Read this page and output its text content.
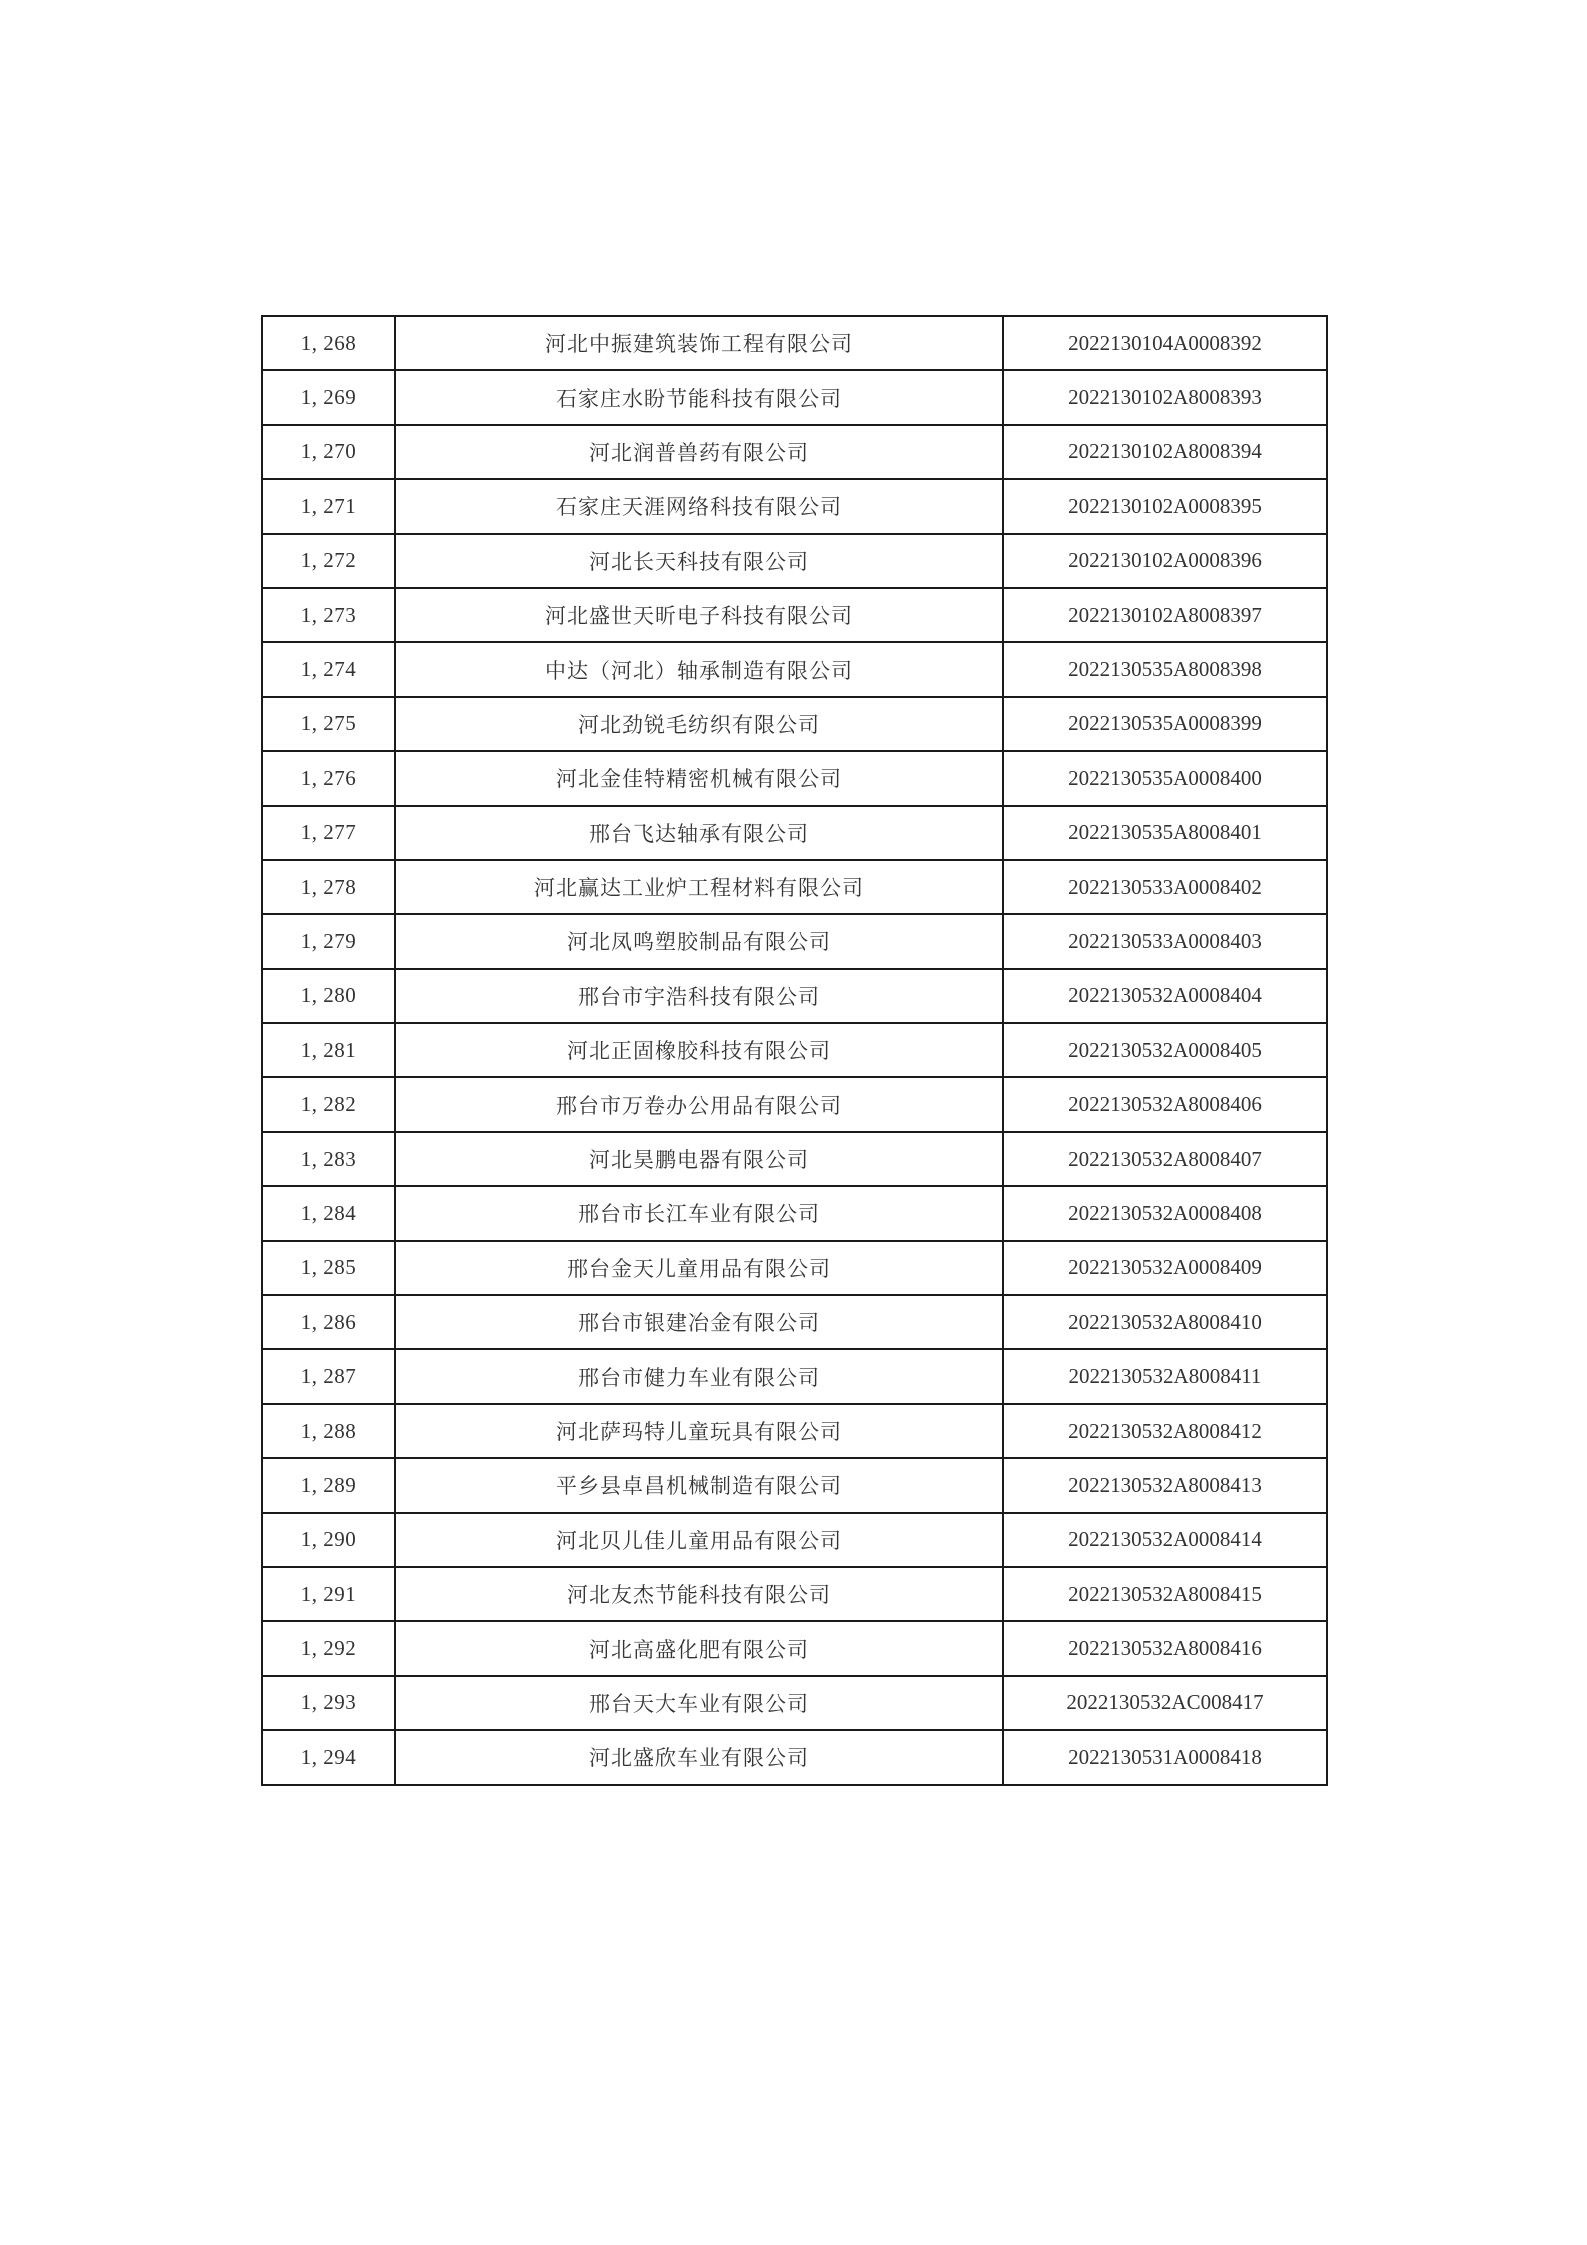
1, 268	河北中振建筑装饰工程有限公司	2022130104A0008392
1, 269	石家庄水盼节能科技有限公司	2022130102A8008393
1, 270	河北润普兽药有限公司	2022130102A8008394
1, 271	石家庄天涯网络科技有限公司	2022130102A0008395
1, 272	河北长天科技有限公司	2022130102A0008396
1, 273	河北盛世天昕电子科技有限公司	2022130102A8008397
1, 274	中达（河北）轴承制造有限公司	2022130535A8008398
1, 275	河北劲锐毛纺织有限公司	2022130535A0008399
1, 276	河北金佳特精密机械有限公司	2022130535A0008400
1, 277	邢台飞达轴承有限公司	2022130535A8008401
1, 278	河北赢达工业炉工程材料有限公司	2022130533A0008402
1, 279	河北凤鸣塑胶制品有限公司	2022130533A0008403
1, 280	邢台市宇浩科技有限公司	2022130532A0008404
1, 281	河北正固橡胶科技有限公司	2022130532A0008405
1, 282	邢台市万卷办公用品有限公司	2022130532A8008406
1, 283	河北昊鹏电器有限公司	2022130532A8008407
1, 284	邢台市长江车业有限公司	2022130532A0008408
1, 285	邢台金天儿童用品有限公司	2022130532A0008409
1, 286	邢台市银建冶金有限公司	2022130532A8008410
1, 287	邢台市健力车业有限公司	2022130532A8008411
1, 288	河北萨玛特儿童玩具有限公司	2022130532A8008412
1, 289	平乡县卓昌机械制造有限公司	2022130532A8008413
1, 290	河北贝儿佳儿童用品有限公司	2022130532A0008414
1, 291	河北友杰节能科技有限公司	2022130532A8008415
1, 292	河北高盛化肥有限公司	2022130532A8008416
1, 293	邢台天大车业有限公司	2022130532AC008417
1, 294	河北盛欣车业有限公司	2022130531A0008418
